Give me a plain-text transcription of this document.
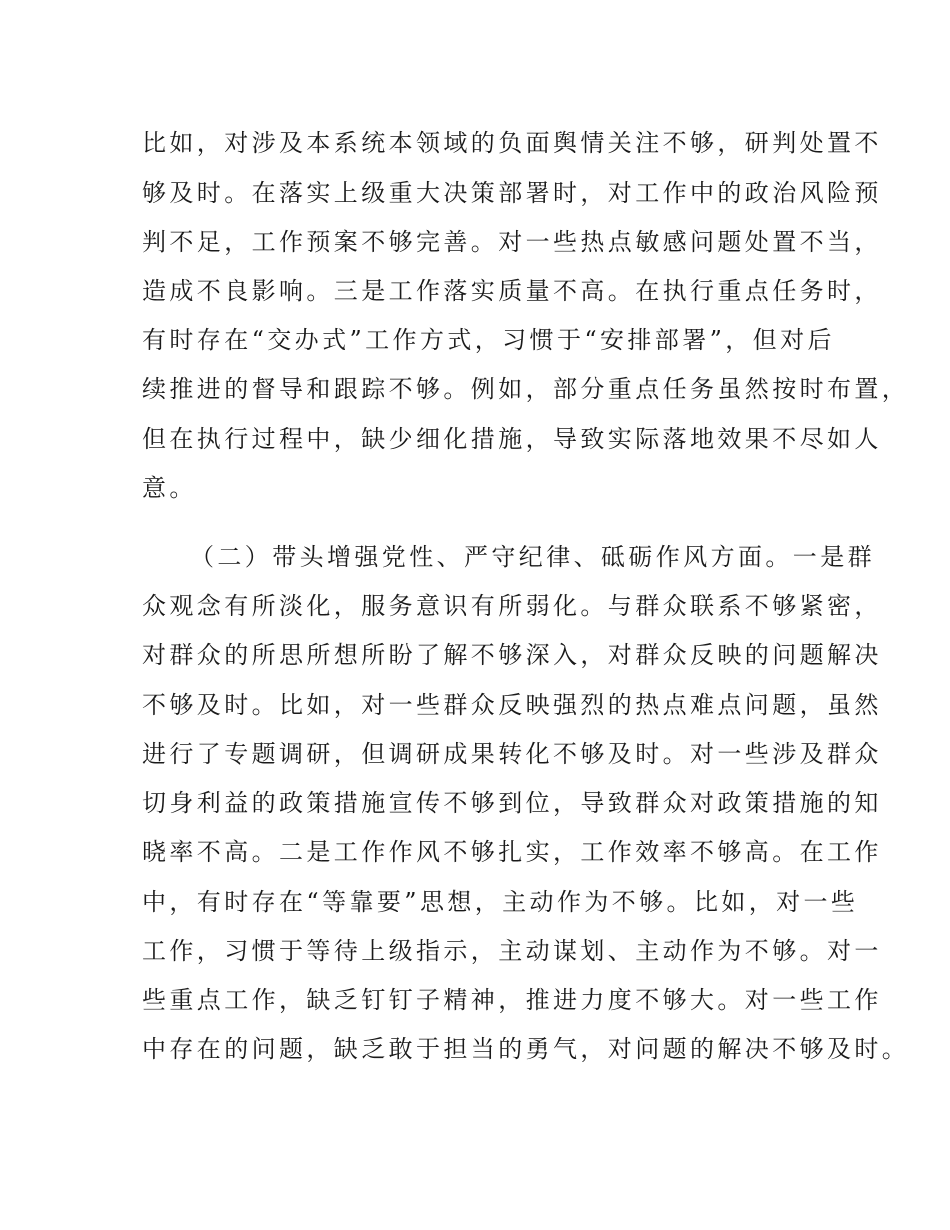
比如，对涉及本系统本领域的负面舆情关注不够，研判处置不
够及时。在落实上级重大决策部署时，对工作中的政治风险预
判不足，工作预案不够完善。对一些热点敏感问题处置不当，
造成不良影响。三是工作落实质量不高。在执行重点任务时，
有时存在“交办式”工作方式，习惯于“安排部署”，但对后
续推进的督导和跟踪不够。例如，部分重点任务虽然按时布置，
但在执行过程中，缺少细化措施，导致实际落地效果不尽如人
意。
（二）带头增强党性、严守纪律、砥砺作风方面。一是群
众观念有所淡化，服务意识有所弱化。与群众联系不够紧密，
对群众的所思所想所盼了解不够深入，对群众反映的问题解决
不够及时。比如，对一些群众反映强烈的热点难点问题，虽然
进行了专题调研，但调研成果转化不够及时。对一些涉及群众
切身利益的政策措施宣传不够到位，导致群众对政策措施的知
晓率不高。二是工作作风不够扎实，工作效率不够高。在工作
中，有时存在“等靠要”思想，主动作为不够。比如，对一些
工作，习惯于等待上级指示，主动谋划、主动作为不够。对一
些重点工作，缺乏钉钉子精神，推进力度不够大。对一些工作
中存在的问题，缺乏敢于担当的勇气，对问题的解决不够及时。
